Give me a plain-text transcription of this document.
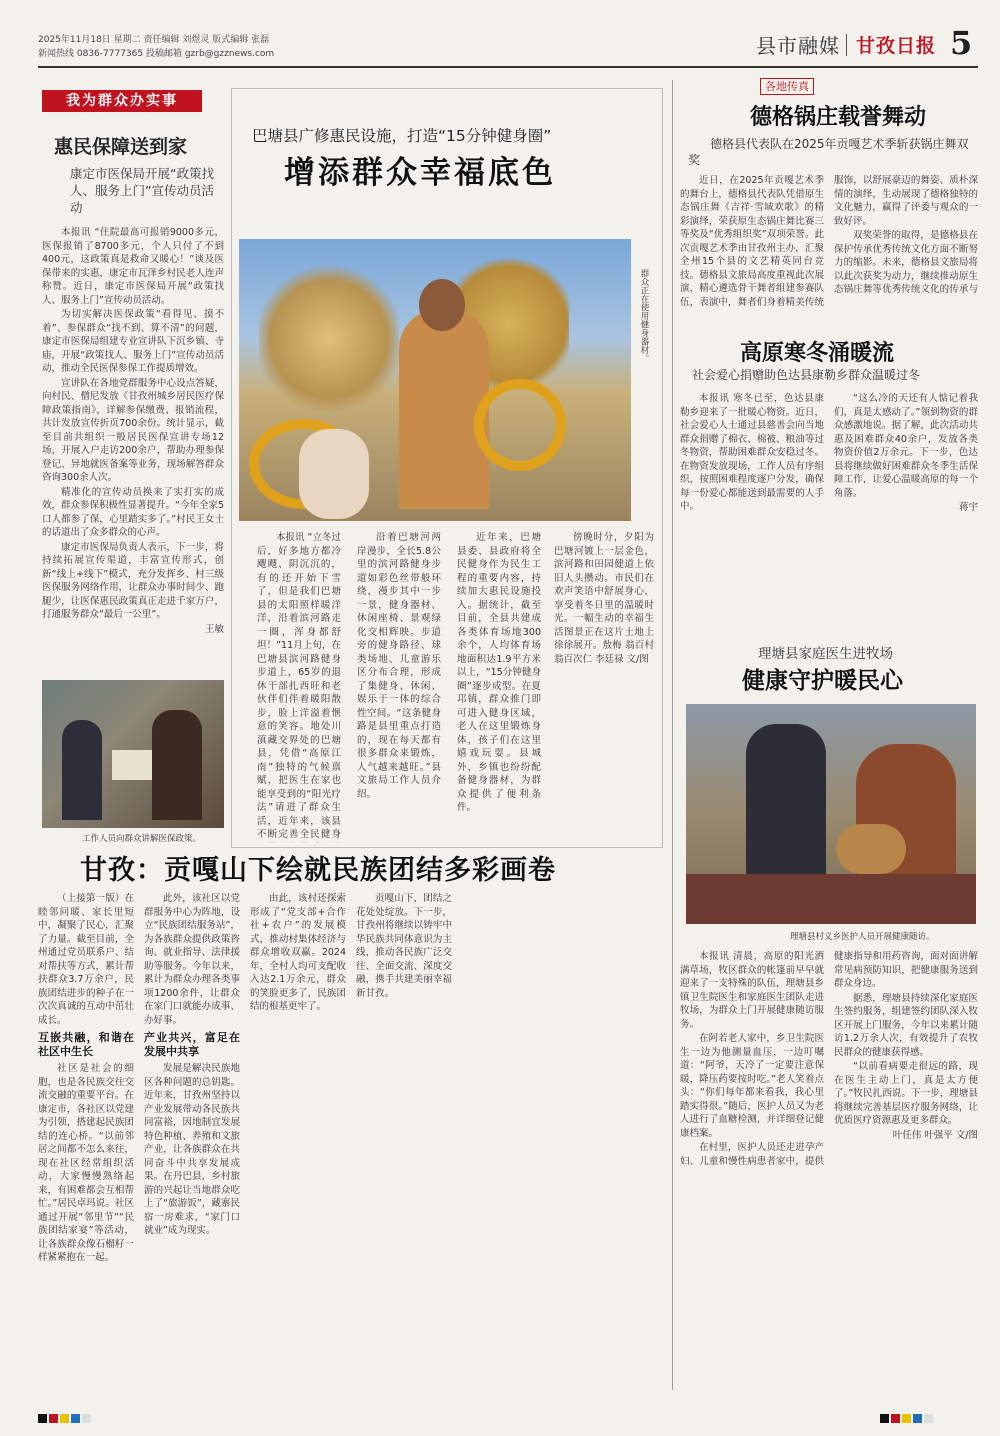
2025年11月18日 星期二 责任编辑 刘煜灵 版式编辑 张磊
新闻热线 0836-7777365 投稿邮箱 gzrb@gzznews.com	县市融媒 甘孜日报 5
我为群众办实事
惠民保障送到家
康定市医保局开展“政策找人、服务上门”宣传动员活动

本报讯 “住院最高可报销9000多元，医保报销了8700多元，个人只付了不到400元，这政策真是救命又暖心！”谈及医保带来的实惠，康定市瓦泽乡村民老人连声称赞。近日，康定市医保局开展“政策找人、服务上门”宣传动员活动。

为切实解决医保政策“看得见、摸不着”、参保群众“找不到、算不清”的问题，康定市医保局组建专业宣讲队下沉乡镇、寺庙，开展“政策找人、服务上门”宣传动员活动，推动全民医保参保工作提质增效。

宣讲队在各地党群服务中心设点答疑，向村民、僧尼发放《甘孜州城乡居民医疗保障政策指南》，详解参保缴费、报销流程，共计发放宣传折页700余份。统计显示，截至目前共组织一般居民医保宣讲专场12场，开展入户走访200余户，帮助办理参保登记、异地就医备案等业务，现场解答群众咨询300余人次。

精准化的宣传动员换来了实打实的成效，群众参保积极性显著提升。“今年全家5口人都参了保，心里踏实多了。”村民王女士的话道出了众多群众的心声。

康定市医保局负责人表示，下一步，将持续拓展宣传渠道，丰富宣传形式，创新“线上+线下”模式，充分发挥乡、村三级医保服务网络作用，让群众办事时间少、跑腿少，让医保惠民政策真正走进千家万户，打通服务群众“最后一公里”。

王敏

工作人员向群众讲解医保政策。
巴塘县广修惠民设施，打造“15分钟健身圈”
增添群众幸福底色
群众正在使用健身器材。

本报讯 “立冬过后，好多地方都冷飕飕、阴沉沉的，有的还开始下雪了，但是我们巴塘县的太阳照样暖洋洋，沿着滨河路走一圈，浑身都舒坦！”11月上旬，在巴塘县滨河路健身步道上，65岁的退休干部扎西旺和老伙伴们伴着暖阳散步，脸上洋溢着惬意的笑容。地处川滇藏交界处的巴塘县，凭借“高原江南”独特的气候禀赋，把医生在家也能享受到的“阳光疗法”请进了群众生活，近年来，该县不断完善全民健身

沿着巴塘河两岸漫步，全长5.8公里的滨河路健身步道如彩色丝带般环绕，漫步其中一步一景，健身器材、休闲座椅、景观绿化交相辉映。步道旁的健身路径、球类场地、儿童游乐区分布合理，形成了集健身、休闲、娱乐于一体的综合性空间。“这条健身路是县里重点打造的，现在每天都有很多群众来锻炼，人气越来越旺。”县文旅局工作人员介绍。

近年来，巴塘县委、县政府将全民健身作为民生工程的重要内容，持续加大惠民设施投入。据统计，截至目前，全县共建成各类体育场地300余个，人均体育场地面积达1.9平方米以上，“15分钟健身圈”逐步成型。在夏邛镇，群众推门即可进入健身区域，老人在这里锻炼身体，孩子们在这里嬉戏玩耍。县城外，乡镇也纷纷配备健身器材，为群众提供了便利条件。

傍晚时分，夕阳为巴塘河镀上一层金色，滨河路和田园健道上依旧人头攒动。市民们在欢声笑语中舒展身心，享受着冬日里的温暖时光。一幅生动的幸福生活图景正在这片土地上徐徐展开。敖梅 翁百村 翁百次仁 李廷禄 文/图

各地传真
德格锅庄载誉舞动
德格县代表队在2025年贡嘎艺术季斩获锅庄舞双奖

近日，在2025年贡嘎艺术季的舞台上，德格县代表队凭借原生态锅庄舞《吉祥·雪域欢歌》的精彩演绎，荣获原生态锅庄舞比赛三等奖及“优秀组织奖”双项荣誉。此次贡嘎艺术季由甘孜州主办，汇聚全州15个县的文艺精英同台竞技。德格县文旅局高度重视此次展演，精心遴选骨干舞者组建参赛队伍，表演中，舞者们身着精美传统服饰，以舒展豪迈的舞姿、质朴深情的演绎，生动展现了德格独特的文化魅力，赢得了评委与观众的一致好评。

双奖荣誉的取得，是德格县在保护传承优秀传统文化方面不断努力的缩影。未来，德格县文旅局将以此次获奖为动力，继续推动原生态锅庄舞等优秀传统文化的传承与

高原寒冬涌暖流
社会爱心捐赠助色达县康勒乡群众温暖过冬

本报讯 寒冬已至，色达县康勒乡迎来了一批暖心物资。近日，社会爱心人士通过县慈善会向当地群众捐赠了棉衣、棉被、粮油等过冬物资，帮助困难群众安稳过冬。在物资发放现场，工作人员有序组织，按照困难程度逐户分发，确保每一份爱心都能送到最需要的人手中。

“这么冷的天还有人惦记着我们，真是太感动了。”领到物资的群众感激地说。据了解，此次活动共惠及困难群众40余户，发放各类物资价值2万余元。下一步，色达县将继续做好困难群众冬季生活保障工作，让爱心温暖高原的每一个角落。

蒋宇

理塘县家庭医生进牧场
健康守护暖民心
理塘县村义乡医护人员开展健康随访。

本报讯 清晨，高原的阳光洒满草场，牧区群众的帐篷前早早就迎来了一支特殊的队伍，理塘县乡镇卫生院医生和家庭医生团队走进牧场，为群众上门开展健康随访服务。

在阿若老人家中，乡卫生院医生一边为他测量血压，一边叮嘱道：“阿爷，天冷了一定要注意保暖，降压药要按时吃。”老人笑着点头：“你们每年都来看我，我心里踏实得很。”随后，医护人员又为老人进行了血糖检测，并详细登记健康档案。

在村里，医护人员还走进孕产妇、儿童和慢性病患者家中，提供健康指导和用药咨询，面对面讲解常见病预防知识，把健康服务送到群众身边。

据悉，理塘县持续深化家庭医生签约服务，组建签约团队深入牧区开展上门服务，今年以来累计随访1.2万余人次，有效提升了农牧民群众的健康获得感。

“以前看病要走很远的路，现在医生主动上门，真是太方便了。”牧民扎西说。下一步，理塘县将继续完善基层医疗服务网络，让优质医疗资源惠及更多群众。

叶任伟 叶强平 文/图

甘孜：贡嘎山下绘就民族团结多彩画卷

（上接第一版）在睦邻问暖、家长里短中，凝聚了民心，汇聚了力量。截至目前，全州通过党员联系户、结对帮扶等方式，累计帮扶群众3.7万余户，民族团结进步的种子在一次次真诚的互动中茁壮成长。

互嵌共融，和谐在社区中生长

社区是社会的细胞，也是各民族交往交流交融的重要平台。在康定市，各社区以党建为引领，搭建起民族团结的连心桥。“以前邻居之间都不怎么来往，现在社区经常组织活动，大家慢慢熟络起来，有困难都会互相帮忙。”居民卓玛说。社区通过开展“邻里节”“民族团结家宴”等活动，让各族群众像石榴籽一样紧紧抱在一起。

此外，该社区以党群服务中心为阵地，设立“民族团结服务站”，为各族群众提供政策咨询、就业指导、法律援助等服务。今年以来，累计为群众办理各类事项1200余件，让群众在家门口就能办成事、办好事。

产业共兴，富足在发展中共享

发展是解决民族地区各种问题的总钥匙。近年来，甘孜州坚持以产业发展带动各民族共同富裕，因地制宜发展特色种植、养殖和文旅产业，让各族群众在共同奋斗中共享发展成果。在丹巴县，乡村旅游的兴起让当地群众吃上了“旅游饭”，藏寨民宿一房难求，“家门口就业”成为现实。

由此，该村还探索形成了“党支部+合作社+农户”的发展模式，推动村集体经济与群众增收双赢。2024年，全村人均可支配收入达2.1万余元，群众的笑脸更多了，民族团结的根基更牢了。

贡嘎山下，团结之花处处绽放。下一步，甘孜州将继续以铸牢中华民族共同体意识为主线，推动各民族广泛交往、全面交流、深度交融，携手共建美丽幸福新甘孜。
